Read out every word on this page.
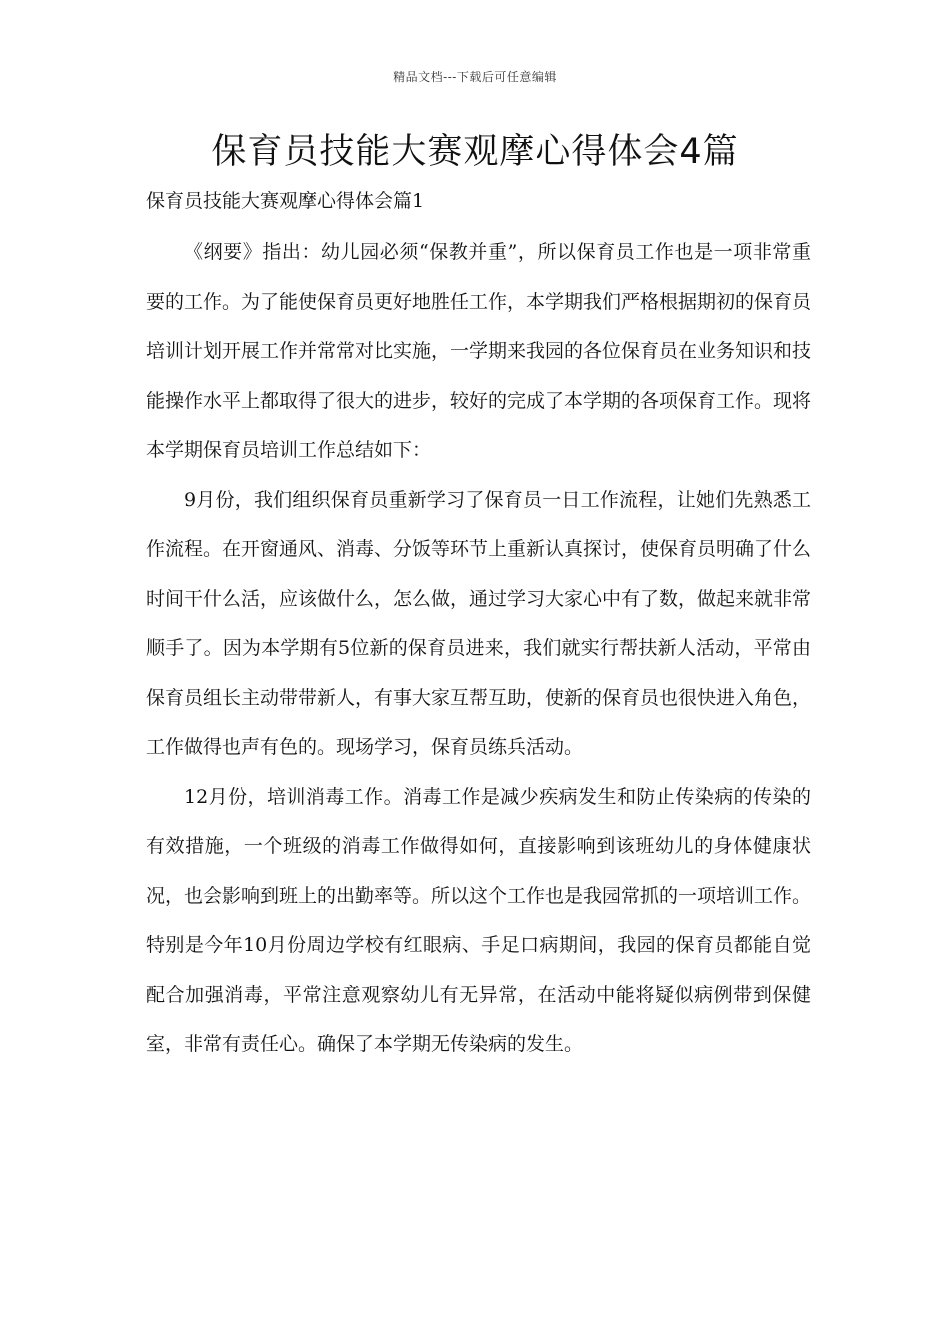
精品文档---下载后可任意编辑
保育员技能大赛观摩心得体会4篇
保育员技能大赛观摩心得体会篇1

《纲要》指出：幼儿园必须“保教并重”，所以保育员工作也是一项非常重要的工作。为了能使保育员更好地胜任工作，本学期我们严格根据期初的保育员培训计划开展工作并常常对比实施，一学期来我园的各位保育员在业务知识和技能操作水平上都取得了很大的进步，较好的完成了本学期的各项保育工作。现将本学期保育员培训工作总结如下：

9月份，我们组织保育员重新学习了保育员一日工作流程，让她们先熟悉工作流程。在开窗通风、消毒、分饭等环节上重新认真探讨，使保育员明确了什么时间干什么活，应该做什么，怎么做，通过学习大家心中有了数，做起来就非常顺手了。因为本学期有5位新的保育员进来，我们就实行帮扶新人活动，平常由保育员组长主动带带新人，有事大家互帮互助，使新的保育员也很快进入角色，工作做得也声有色的。现场学习，保育员练兵活动。

12月份，培训消毒工作。消毒工作是减少疾病发生和防止传染病的传染的有效措施，一个班级的消毒工作做得如何，直接影响到该班幼儿的身体健康状况，也会影响到班上的出勤率等。所以这个工作也是我园常抓的一项培训工作。特别是今年10月份周边学校有红眼病、手足口病期间，我园的保育员都能自觉配合加强消毒，平常注意观察幼儿有无异常，在活动中能将疑似病例带到保健室，非常有责任心。确保了本学期无传染病的发生。
